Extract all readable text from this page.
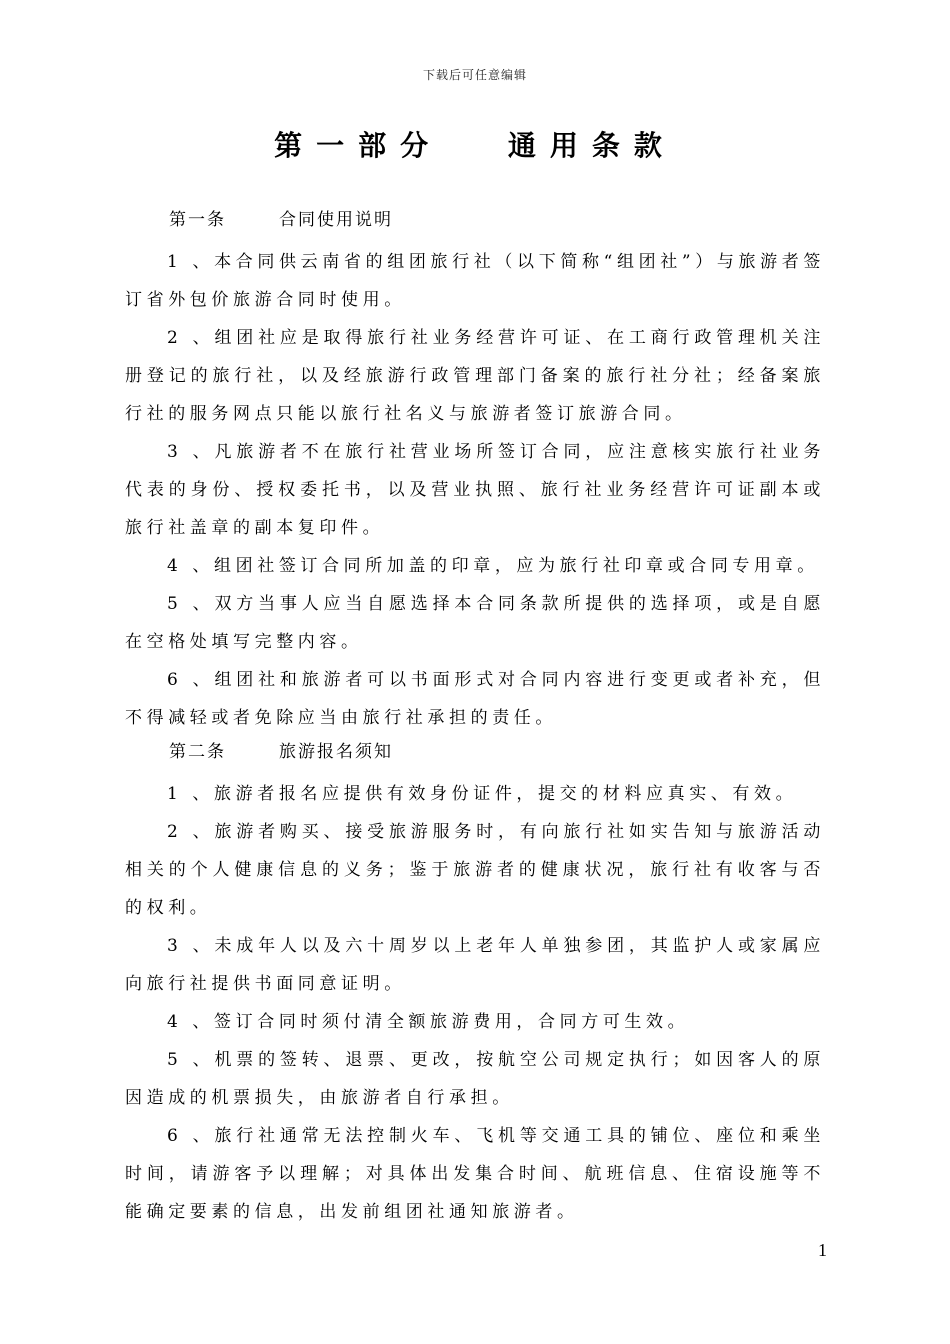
下载后可任意编辑
第一部分　 通用条款
第一条	合同使用说明

1 、本合同供云南省的组团旅行社（以下简称“组团社”）与旅游者签订省外包价旅游合同时使用。

2 、组团社应是取得旅行社业务经营许可证、在工商行政管理机关注册登记的旅行社，以及经旅游行政管理部门备案的旅行社分社；经备案旅行社的服务网点只能以旅行社名义与旅游者签订旅游合同。

3 、凡旅游者不在旅行社营业场所签订合同，应注意核实旅行社业务代表的身份、授权委托书，以及营业执照、旅行社业务经营许可证副本或旅行社盖章的副本复印件。

4 、组团社签订合同所加盖的印章，应为旅行社印章或合同专用章。

5 、双方当事人应当自愿选择本合同条款所提供的选择项，或是自愿在空格处填写完整内容。

6 、组团社和旅游者可以书面形式对合同内容进行变更或者补充，但不得减轻或者免除应当由旅行社承担的责任。

第二条	旅游报名须知

1 、旅游者报名应提供有效身份证件，提交的材料应真实、有效。

2 、旅游者购买、接受旅游服务时，有向旅行社如实告知与旅游活动相关的个人健康信息的义务；鉴于旅游者的健康状况，旅行社有收客与否的权利。

3 、未成年人以及六十周岁以上老年人单独参团，其监护人或家属应向旅行社提供书面同意证明。

4 、签订合同时须付清全额旅游费用，合同方可生效。

5 、机票的签转、退票、更改，按航空公司规定执行；如因客人的原因造成的机票损失，由旅游者自行承担。

6 、旅行社通常无法控制火车、飞机等交通工具的铺位、座位和乘坐时间，请游客予以理解；对具体出发集合时间、航班信息、住宿设施等不能确定要素的信息，出发前组团社通知旅游者。

1
